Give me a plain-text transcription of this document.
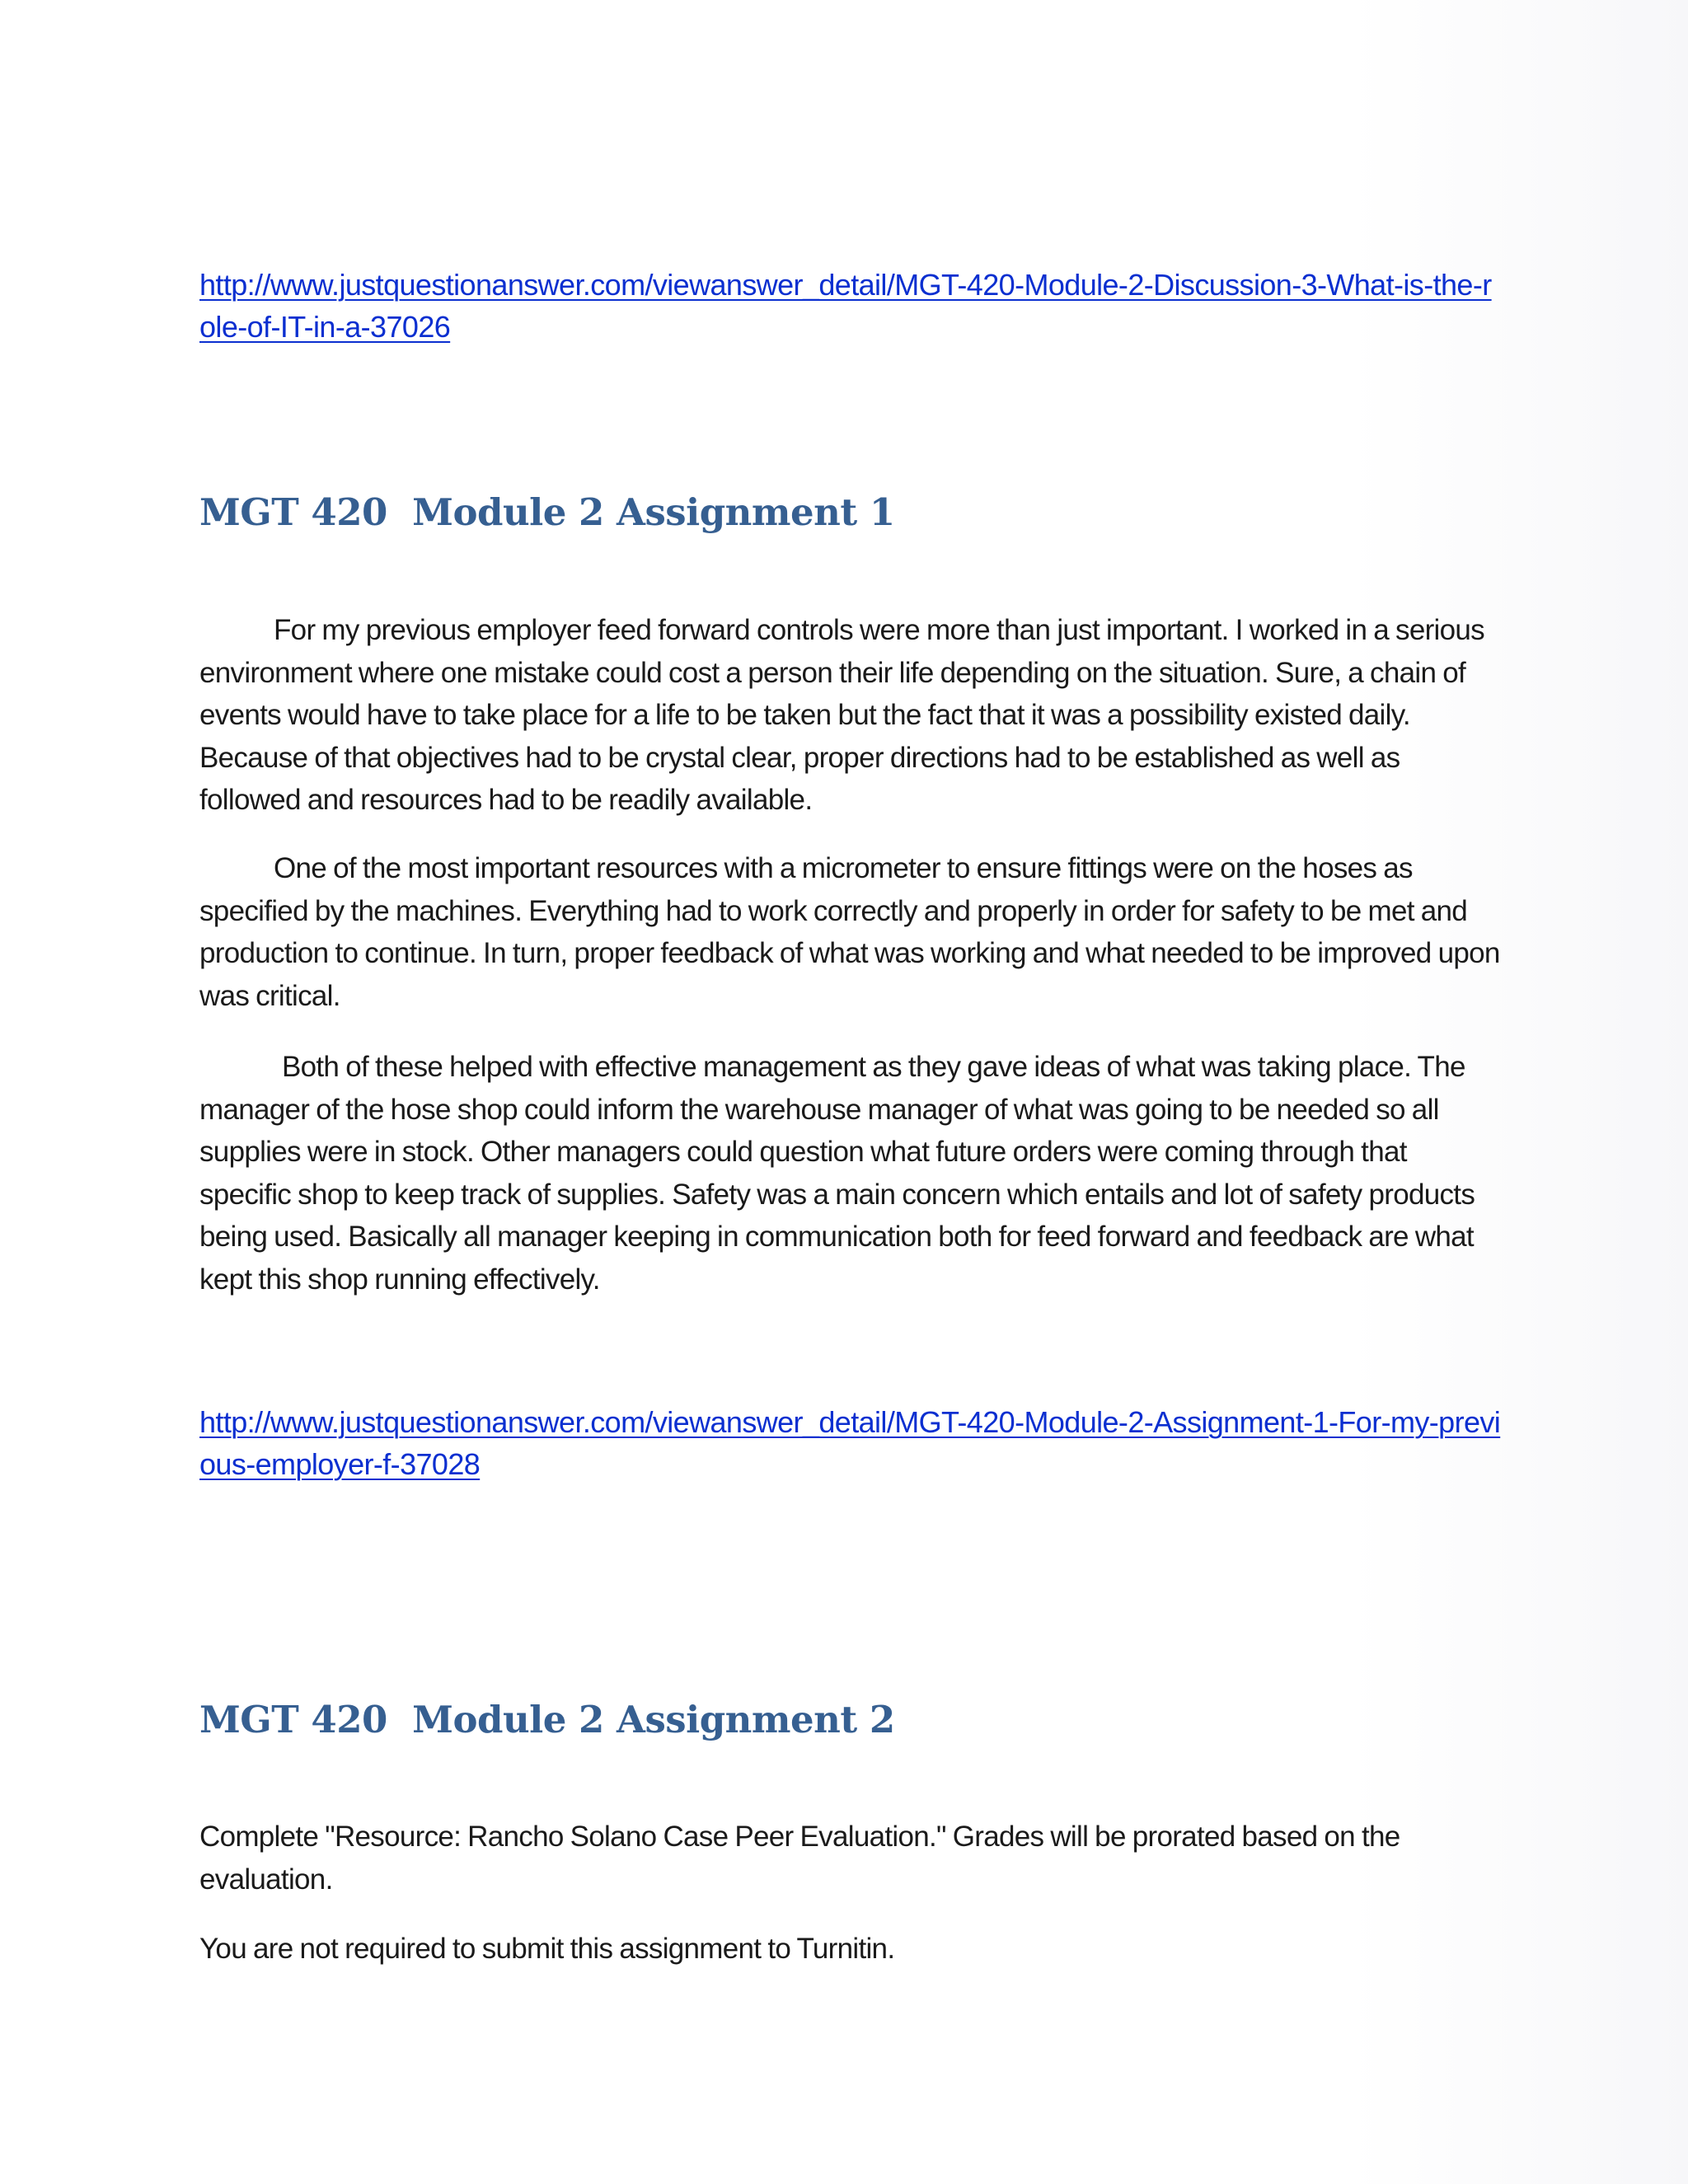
http://www.justquestionanswer.com/viewanswer_detail/MGT-420-Module-2-Discussion-3-What-is-the-role-of-IT-in-a-37026
MGT 420  Module 2 Assignment 1

For my previous employer feed forward controls were more than just important. I worked in a serious environment where one mistake could cost a person their life depending on the situation. Sure, a chain of events would have to take place for a life to be taken but the fact that it was a possibility existed daily. Because of that objectives had to be crystal clear, proper directions had to be established as well as followed and resources had to be readily available.

One of the most important resources with a micrometer to ensure fittings were on the hoses as specified by the machines. Everything had to work correctly and properly in order for safety to be met and production to continue. In turn, proper feedback of what was working and what needed to be improved upon was critical.

Both of these helped with effective management as they gave ideas of what was taking place. The manager of the hose shop could inform the warehouse manager of what was going to be needed so all supplies were in stock. Other managers could question what future orders were coming through that specific shop to keep track of supplies. Safety was a main concern which entails and lot of safety products being used. Basically all manager keeping in communication both for feed forward and feedback are what kept this shop running effectively.

http://www.justquestionanswer.com/viewanswer_detail/MGT-420-Module-2-Assignment-1-For-my-previous-employer-f-37028
MGT 420  Module 2 Assignment 2

Complete "Resource: Rancho Solano Case Peer Evaluation." Grades will be prorated based on the evaluation.

You are not required to submit this assignment to Turnitin.
